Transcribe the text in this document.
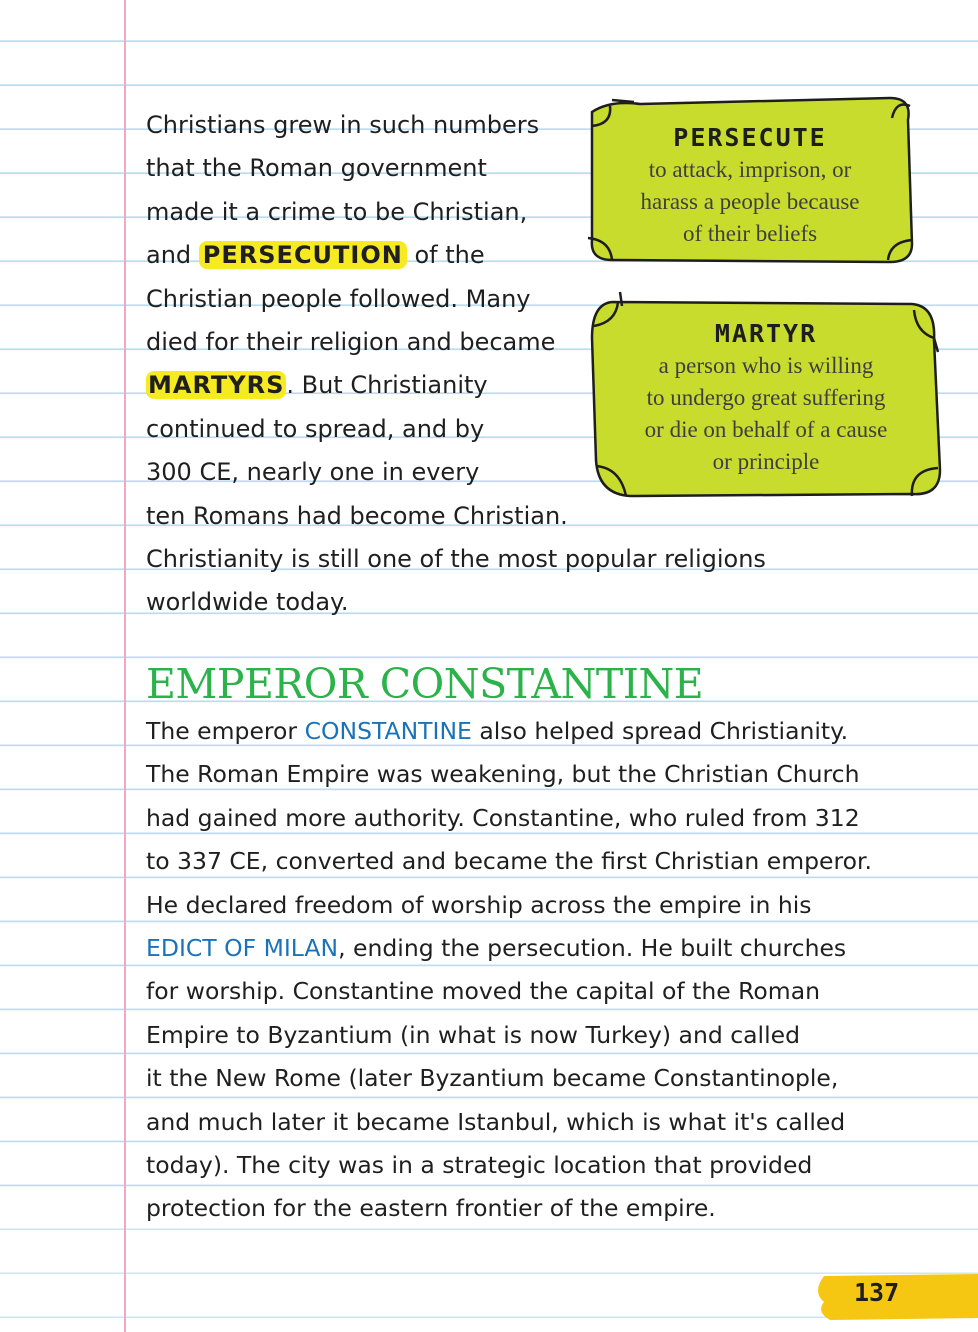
Christians grew in such numbers
that the Roman government
made it a crime to be Christian,
and PERSECUTION of the
Christian people followed. Many
died for their religion and became
MARTYRS. But Christianity
continued to spread, and by
300 CE, nearly one in every
ten Romans had become Christian.
Christianity is still one of the most popular religions
worldwide today.
PERSECUTE
to attack, imprison, or
harass a people because
of their beliefs
MARTYR
a person who is willing
to undergo great suffering
or die on behalf of a cause
or principle
EMPEROR CONSTANTINE
The emperor CONSTANTINE also helped spread Christianity.
The Roman Empire was weakening, but the Christian Church
had gained more authority. Constantine, who ruled from 312
to 337 CE, converted and became the first Christian emperor.
He declared freedom of worship across the empire in his
EDICT OF MILAN, ending the persecution. He built churches
for worship. Constantine moved the capital of the Roman
Empire to Byzantium (in what is now Turkey) and called
it the New Rome (later Byzantium became Constantinople,
and much later it became Istanbul, which is what it's called
today). The city was in a strategic location that provided
protection for the eastern frontier of the empire.
137
